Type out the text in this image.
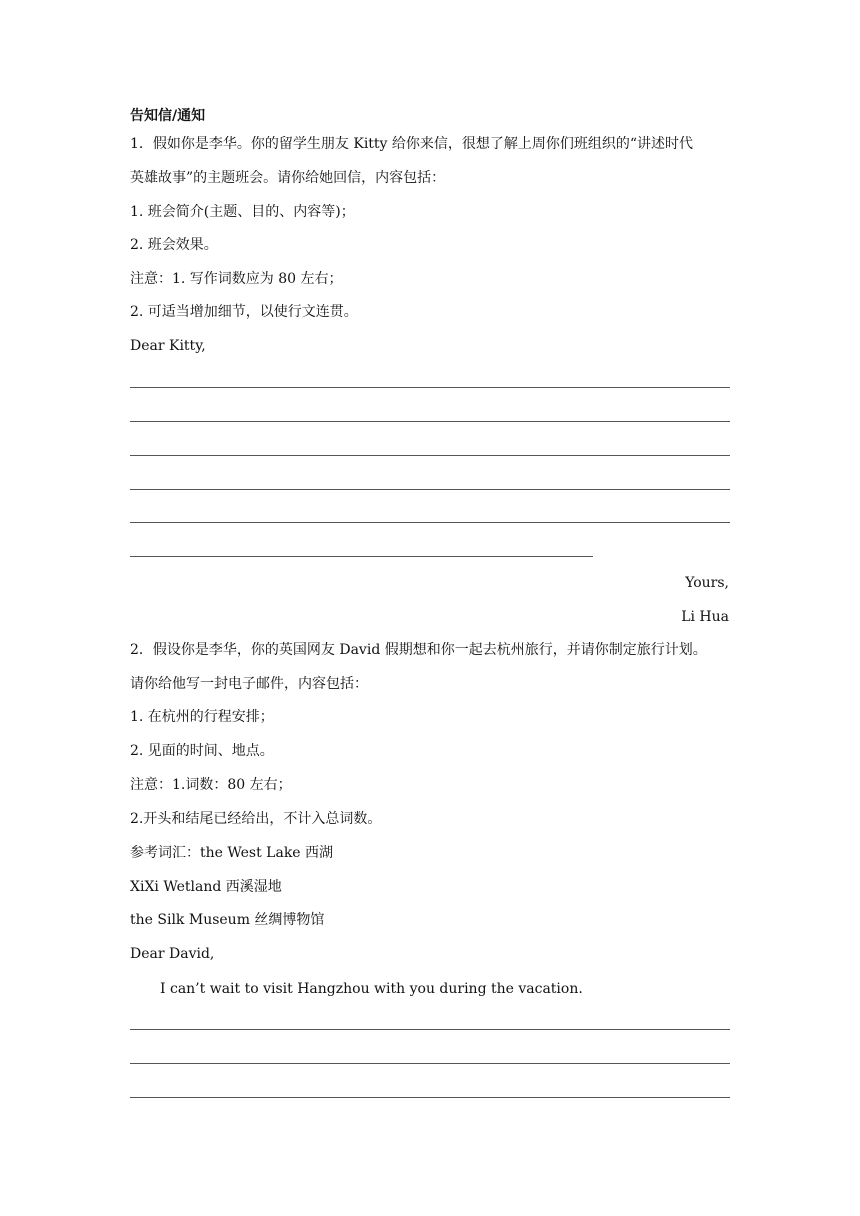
告知信/通知
1．假如你是李华。你的留学生朋友 Kitty 给你来信，很想了解上周你们班组织的“讲述时代
英雄故事”的主题班会。请你给她回信，内容包括：
1. 班会简介(主题、目的、内容等)；
2. 班会效果。
注意：1. 写作词数应为 80 左右；
2. 可适当增加细节，以使行文连贯。
Dear Kitty,
Yours,
Li Hua
2．假设你是李华，你的英国网友 David 假期想和你一起去杭州旅行，并请你制定旅行计划。
请你给他写一封电子邮件，内容包括：
1. 在杭州的行程安排；
2. 见面的时间、地点。
注意：1.词数：80 左右；
2.开头和结尾已经给出，不计入总词数。
参考词汇：the West Lake 西湖
XiXi Wetland 西溪湿地
the Silk Museum 丝绸博物馆
Dear David,
I can’t wait to visit Hangzhou with you during the vacation.
